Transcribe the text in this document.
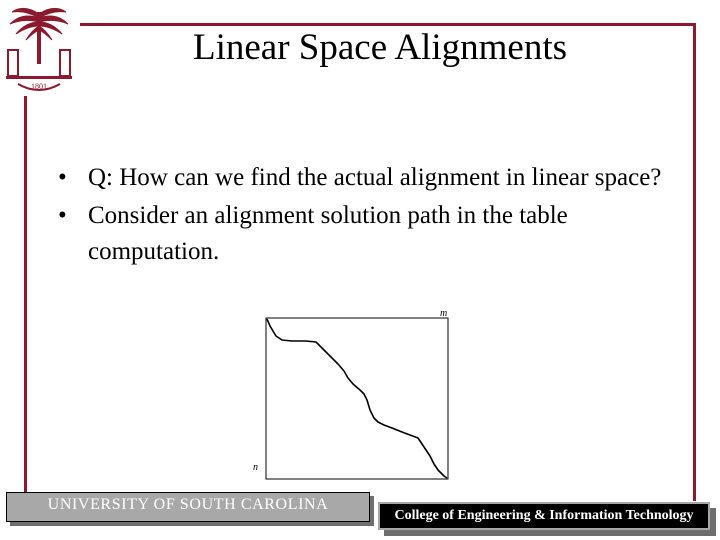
1801
Linear Space Alignments
• Q: How can we find the actual alignment in linear space?
• Consider an alignment solution path in the table computation.
m
n
UNIVERSITY OF SOUTH CAROLINA
College of Engineering & Information Technology
